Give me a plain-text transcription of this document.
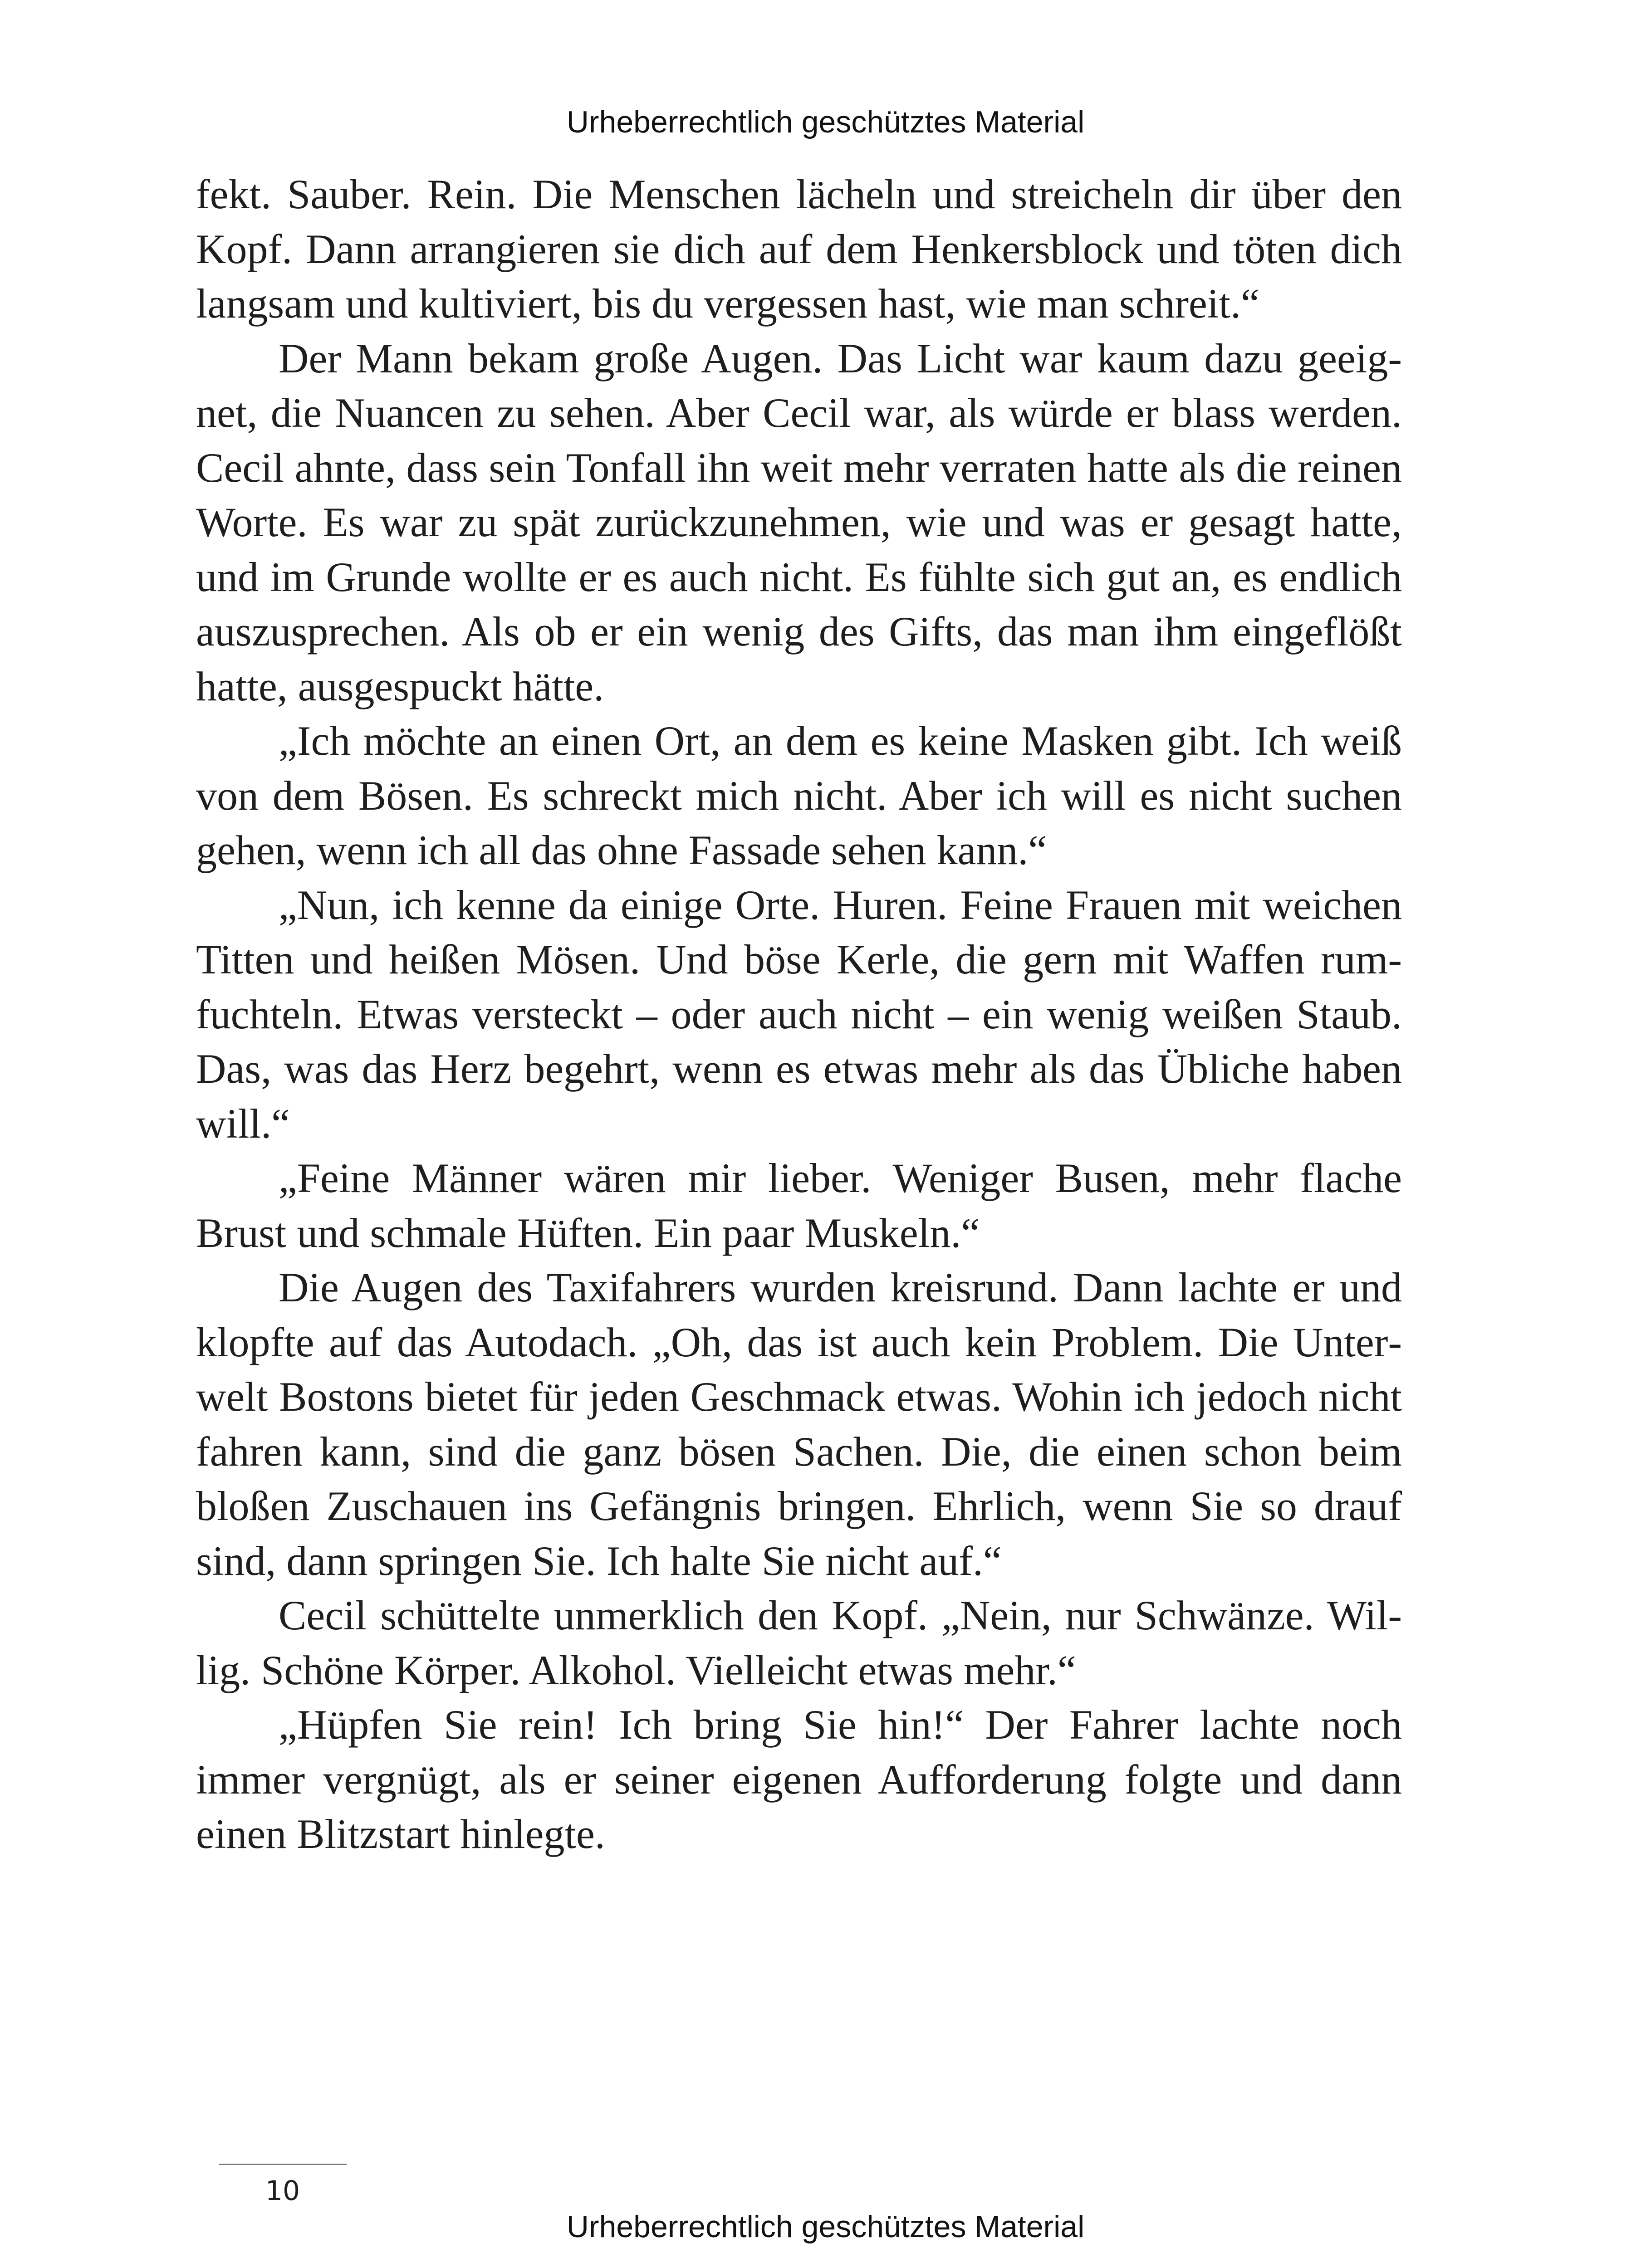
Urheberrechtlich geschütztes Material

fekt. Sauber. Rein. Die Menschen lächeln und streicheln dir über den Kopf. Dann arrangieren sie dich auf dem Henkersblock und töten dich langsam und kultiviert, bis du vergessen hast, wie man schreit.“

Der Mann bekam große Augen. Das Licht war kaum dazu geeignet, die Nuancen zu sehen. Aber Cecil war, als würde er blass werden. Cecil ahnte, dass sein Tonfall ihn weit mehr verraten hatte als die reinen Worte. Es war zu spät zurückzunehmen, wie und was er gesagt hatte, und im Grunde wollte er es auch nicht. Es fühlte sich gut an, es endlich auszusprechen. Als ob er ein wenig des Gifts, das man ihm eingeflößt hatte, ausgespuckt hätte.

„Ich möchte an einen Ort, an dem es keine Masken gibt. Ich weiß von dem Bösen. Es schreckt mich nicht. Aber ich will es nicht suchen gehen, wenn ich all das ohne Fassade sehen kann.“

„Nun, ich kenne da einige Orte. Huren. Feine Frauen mit weichen Titten und heißen Mösen. Und böse Kerle, die gern mit Waffen rumfuchteln. Etwas versteckt – oder auch nicht – ein wenig weißen Staub. Das, was das Herz begehrt, wenn es etwas mehr als das Übliche haben will.“

„Feine Männer wären mir lieber. Weniger Busen, mehr flache Brust und schmale Hüften. Ein paar Muskeln.“

Die Augen des Taxifahrers wurden kreisrund. Dann lachte er und klopfte auf das Autodach. „Oh, das ist auch kein Problem. Die Unterwelt Bostons bietet für jeden Geschmack etwas. Wohin ich jedoch nicht fahren kann, sind die ganz bösen Sachen. Die, die einen schon beim bloßen Zuschauen ins Gefängnis bringen. Ehrlich, wenn Sie so drauf sind, dann springen Sie. Ich halte Sie nicht auf.“

Cecil schüttelte unmerklich den Kopf. „Nein, nur Schwänze. Willig. Schöne Körper. Alkohol. Vielleicht etwas mehr.“

„Hüpfen Sie rein! Ich bring Sie hin!“ Der Fahrer lachte noch immer vergnügt, als er seiner eigenen Aufforderung folgte und dann einen Blitzstart hinlegte.

10
Urheberrechtlich geschütztes Material
